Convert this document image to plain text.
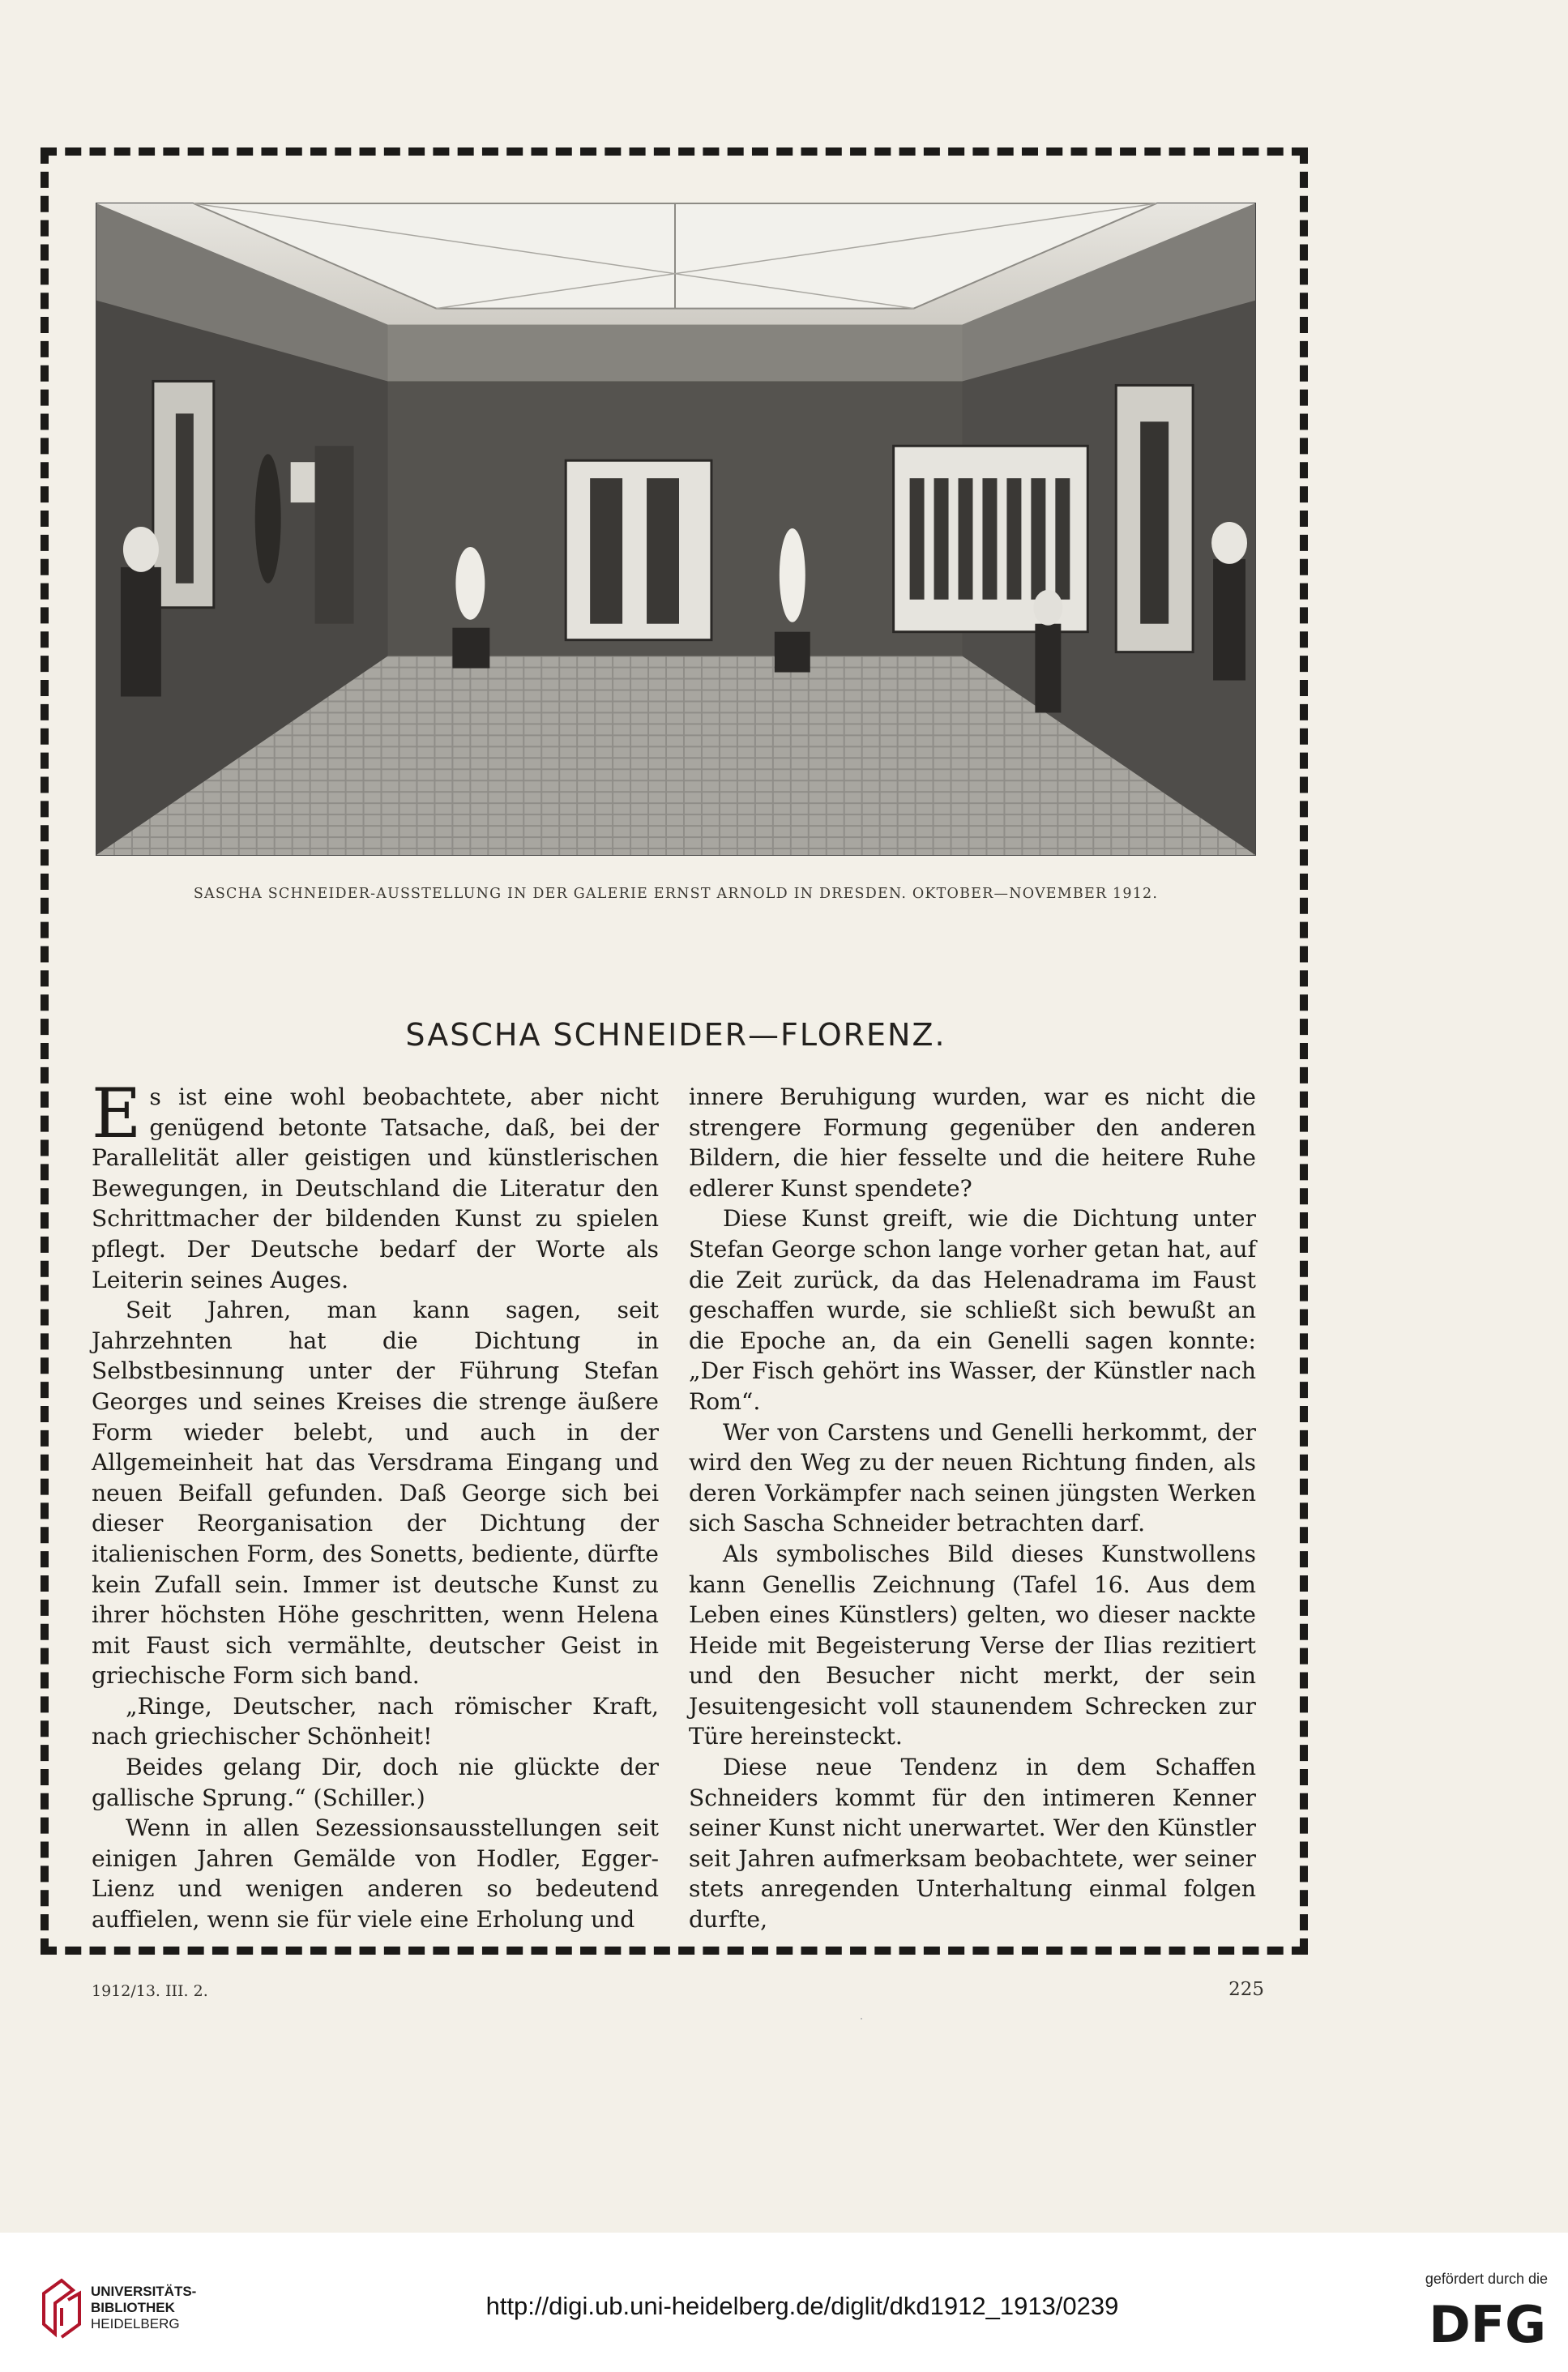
SASCHA SCHNEIDER-AUSSTELLUNG IN DER GALERIE ERNST ARNOLD IN DRESDEN. OKTOBER—NOVEMBER 1912.
SASCHA SCHNEIDER—FLORENZ.

Es ist eine wohl beobachtete, aber nicht genügend betonte Tatsache, daß, bei der Parallelität aller geistigen und künstlerischen Bewegungen, in Deutschland die Literatur den Schrittmacher der bildenden Kunst zu spielen pflegt. Der Deutsche bedarf der Worte als Leiterin seines Auges.

Seit Jahren, man kann sagen, seit Jahrzehnten hat die Dichtung in Selbstbesinnung unter der Führung Stefan Georges und seines Kreises die strenge äußere Form wieder belebt, und auch in der Allgemeinheit hat das Versdrama Eingang und neuen Beifall gefunden. Daß George sich bei dieser Reorganisation der Dichtung der italienischen Form, des Sonetts, bediente, dürfte kein Zufall sein. Immer ist deutsche Kunst zu ihrer höchsten Höhe geschritten, wenn Helena mit Faust sich vermählte, deutscher Geist in griechische Form sich band.

„Ringe, Deutscher, nach römischer Kraft, nach griechischer Schönheit!

Beides gelang Dir, doch nie glückte der gallische Sprung.“ (Schiller.)

Wenn in allen Sezessionsausstellungen seit einigen Jahren Gemälde von Hodler, Egger-Lienz und wenigen anderen so bedeutend auffielen, wenn sie für viele eine Erholung und

innere Beruhigung wurden, war es nicht die strengere Formung gegenüber den anderen Bildern, die hier fesselte und die heitere Ruhe edlerer Kunst spendete?

Diese Kunst greift, wie die Dichtung unter Stefan George schon lange vorher getan hat, auf die Zeit zurück, da das Helenadrama im Faust geschaffen wurde, sie schließt sich bewußt an die Epoche an, da ein Genelli sagen konnte: „Der Fisch gehört ins Wasser, der Künstler nach Rom“.

Wer von Carstens und Genelli herkommt, der wird den Weg zu der neuen Richtung finden, als deren Vorkämpfer nach seinen jüngsten Werken sich Sascha Schneider betrachten darf.

Als symbolisches Bild dieses Kunstwollens kann Genellis Zeichnung (Tafel 16. Aus dem Leben eines Künstlers) gelten, wo dieser nackte Heide mit Begeisterung Verse der Ilias rezitiert und den Besucher nicht merkt, der sein Jesuitengesicht voll staunendem Schrecken zur Türe hereinsteckt.

Diese neue Tendenz in dem Schaffen Schneiders kommt für den intimeren Kenner seiner Kunst nicht unerwartet. Wer den Künstler seit Jahren aufmerksam beobachtete, wer seiner stets anregenden Unterhaltung einmal folgen durfte,

1912/13. III. 2.	225
UNIVERSITÄTS-
BIBLIOTHEK
HEIDELBERG
http://digi.ub.uni-heidelberg.de/diglit/dkd1912_1913/0239
gefördert durch die
DFG
